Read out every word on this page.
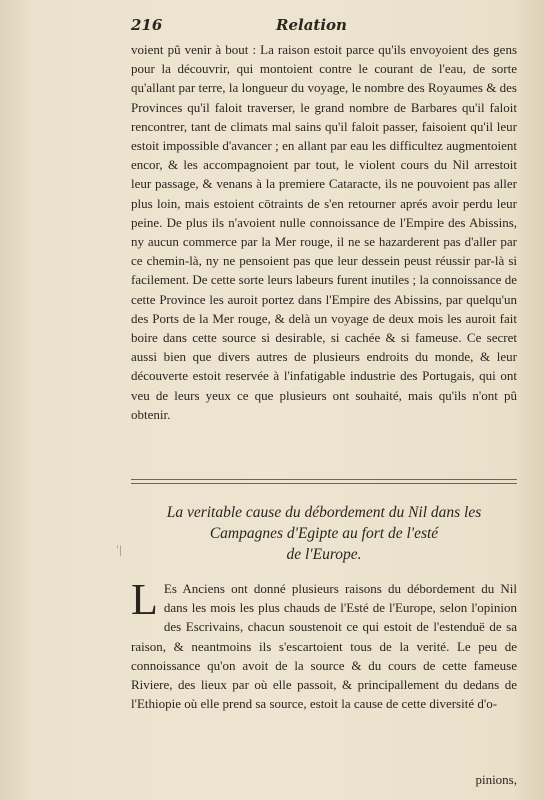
216	Relation

voient pû venir à bout : La raison estoit parce qu'ils envoyoient des gens pour la découvrir, qui montoient contre le courant de l'eau, de sorte qu'allant par terre, la longueur du voyage, le nombre des Royaumes & des Provinces qu'il faloit traverser, le grand nombre de Barbares qu'il faloit rencontrer, tant de climats mal sains qu'il faloit passer, faisoient qu'il leur estoit impossible d'avancer ; en allant par eau les difficultez augmentoient encor, & les accompagnoient par tout, le violent cours du Nil arrestoit leur passage, & venans à la premiere Cataracte, ils ne pouvoient pas aller plus loin, mais estoient cōtraints de s'en retourner aprés avoir perdu leur peine. De plus ils n'avoient nulle connoissance de l'Empire des Abissins, ny aucun commerce par la Mer rouge, il ne se hazarderent pas d'aller par ce chemin-là, ny ne pensoient pas que leur dessein peust réussir par-là si facilement. De cette sorte leurs labeurs furent inutiles ; la connoissance de cette Province les auroit portez dans l'Empire des Abissins, par quelqu'un des Ports de la Mer rouge, & delà un voyage de deux mois les auroit fait boire dans cette source si desirable, si cachée & si fameuse. Ce secret aussi bien que divers autres de plusieurs endroits du monde, & leur découverte estoit reservée à l'infatigable industrie des Portugais, qui ont veu de leurs yeux ce que plusieurs ont souhaité, mais qu'ils n'ont pû obtenir.

La veritable cause du débordement du Nil dans les
Campagnes d'Egipte au fort de l'esté
de l'Europe.
'|

L Es Anciens ont donné plusieurs raisons du débordement du Nil dans les mois les plus chauds de l'Esté de l'Europe, selon l'opinion des Escrivains, chacun soustenoit ce qui estoit de l'estenduë de sa raison, & neantmoins ils s'escartoient tous de la verité. Le peu de connoissance qu'on avoit de la source & du cours de cette fameuse Riviere, des lieux par où elle passoit, & principallement du dedans de l'Ethiopie où elle prend sa source, estoit la cause de cette diversité d'o-

pinions,
